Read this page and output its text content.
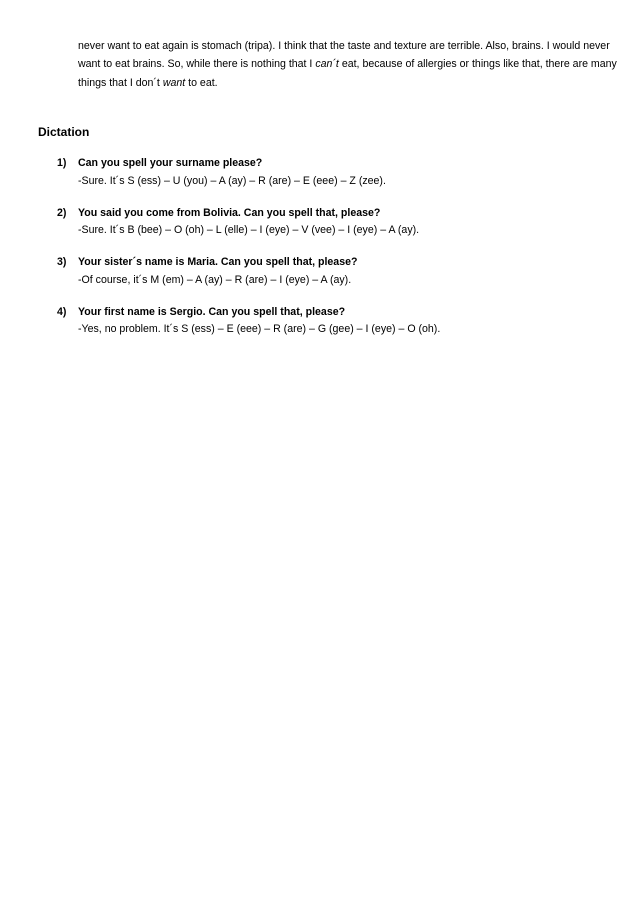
never want to eat again is stomach (tripa). I think that the taste and texture are terrible. Also, brains. I would never want to eat brains. So, while there is nothing that I can´t eat, because of allergies or things like that, there are many things that I don´t want to eat.

Dictation
1) Can you spell your surname please?
-Sure. It´s S (ess) – U (you) – A (ay) – R (are) – E (eee) – Z (zee).
2) You said you come from Bolivia. Can you spell that, please?
-Sure. It´s B (bee) – O (oh) – L (elle) – I (eye) – V (vee) – I (eye) – A (ay).
3) Your sister´s name is Maria. Can you spell that, please?
-Of course, it´s M (em) – A (ay) – R (are) – I (eye) – A (ay).
4) Your first name is Sergio. Can you spell that, please?
-Yes, no problem. It´s S (ess) – E (eee) – R (are) – G (gee) – I (eye) – O (oh).
